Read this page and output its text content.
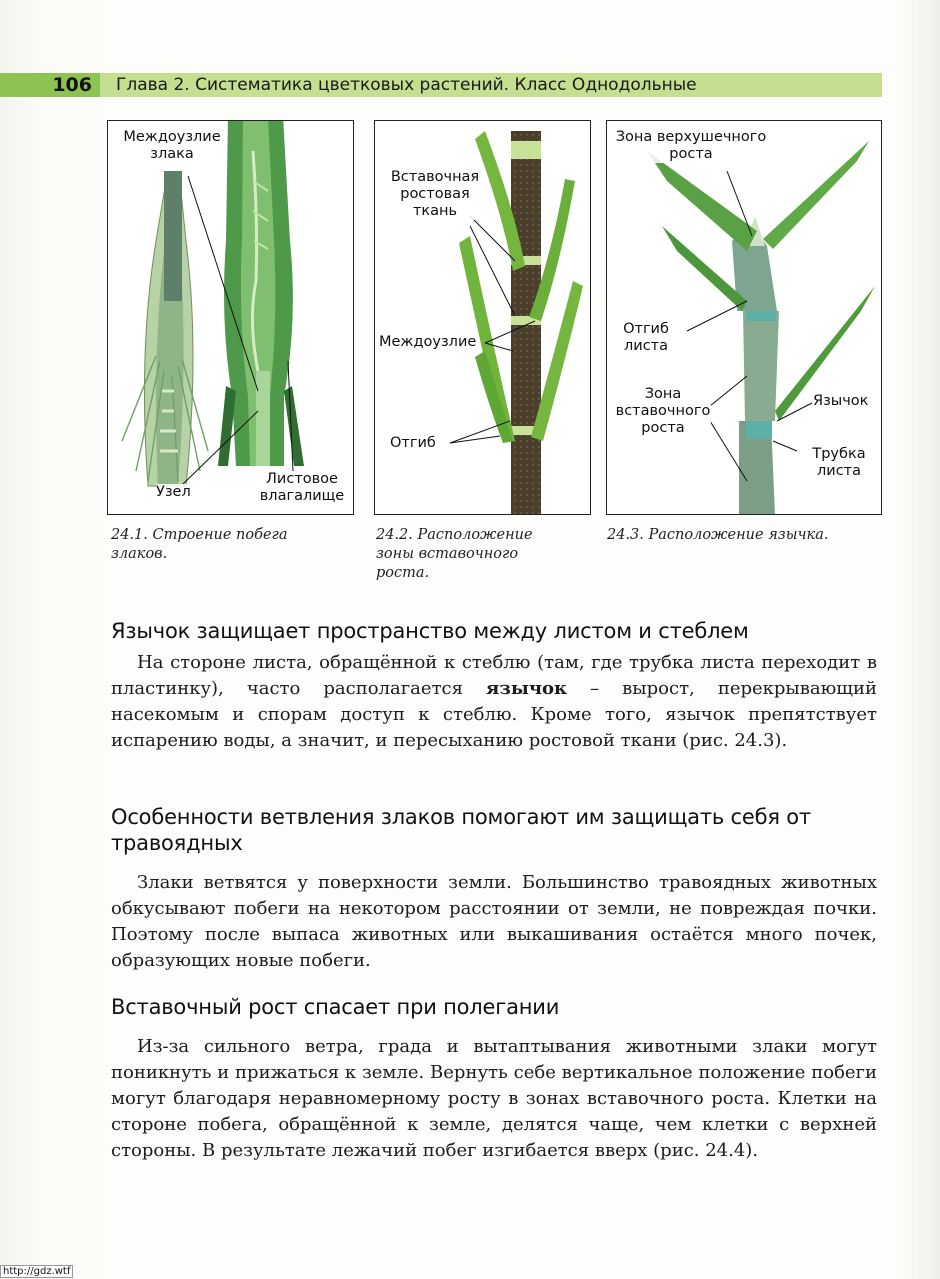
106	Глава 2. Систематика цветковых растений. Класс Однодольные
Междоузлие
злака
Узел
Листовое
влагалище
24.1. Строение побега
злаков.
Вставочная
ростовая
ткань
Междоузлие
Отгиб
24.2. Расположение
зоны вставочного
роста.
Зона верхушечного
роста
Отгиб
листа
Зона
вставочного
роста
Язычок
Трубка
листа
24.3. Расположение язычка.
Язычок защищает пространство между листом и стеблем

На стороне листа, обращённой к стеблю (там, где трубка листа переходит в пластинку), часто располагается язычок – вырост, перекрывающий насекомым и спорам доступ к стеблю. Кроме того, язычок препятствует испарению воды, а значит, и пересыханию ростовой ткани (рис. 24.3).

Особенности ветвления злаков помогают им защищать себя от травоядных

Злаки ветвятся у поверхности земли. Большинство травоядных животных обкусывают побеги на некотором расстоянии от земли, не повреждая почки. Поэтому после выпаса животных или выкашивания остаётся много почек, образующих новые побеги.

Вставочный рост спасает при полегании

Из-за сильного ветра, града и вытаптывания животными злаки могут поникнуть и прижаться к земле. Вернуть себе вертикальное положение побеги могут благодаря неравномерному росту в зонах вставочного роста. Клетки на стороне побега, обращённой к земле, делятся чаще, чем клетки с верхней стороны. В результате лежачий побег изгибается вверх (рис. 24.4).

http://gdz.wtf
